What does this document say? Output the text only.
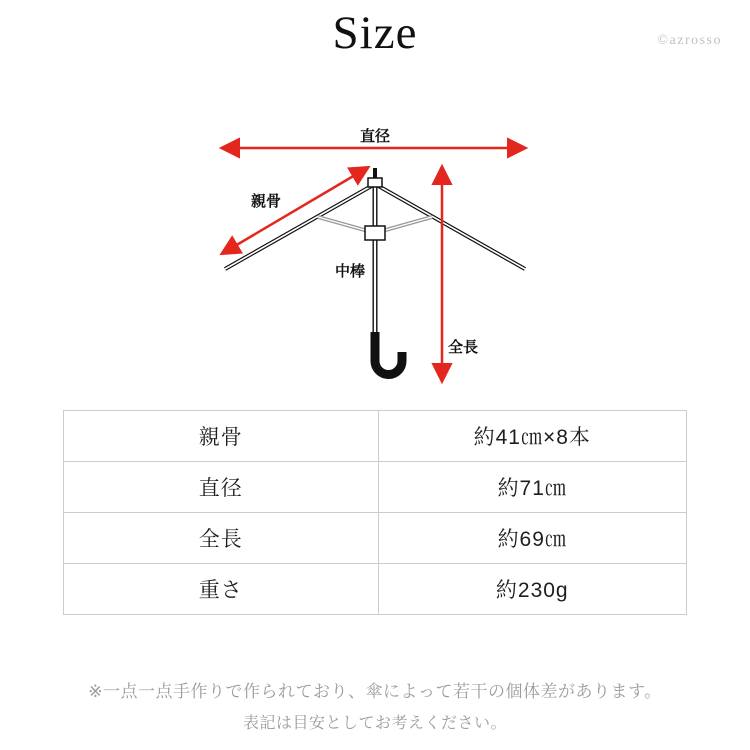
Size	©azrosso
直径
親骨
中棒
全長
親骨	約41㎝×8本
直径	約71㎝
全長	約69㎝
重さ	約230g
※一点一点手作りで作られており、傘によって若干の個体差があります。
表記は目安としてお考えください。
